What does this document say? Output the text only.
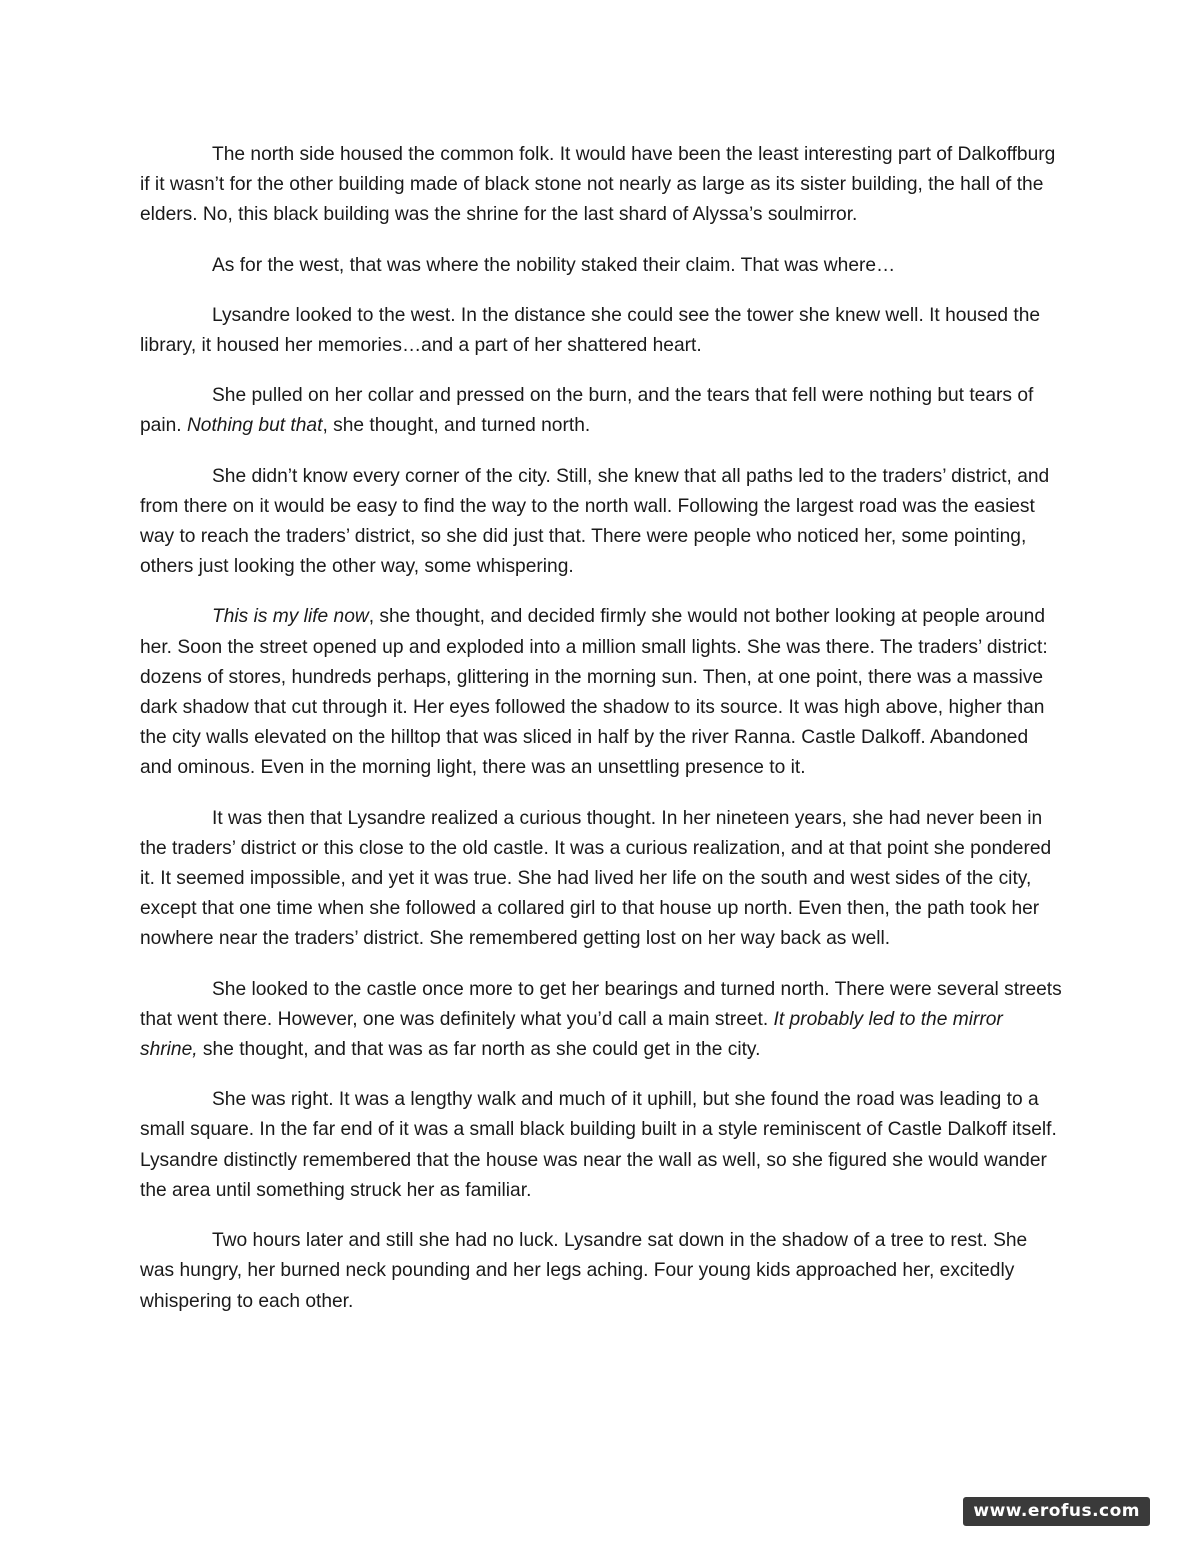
The north side housed the common folk. It would have been the least interesting part of Dalkoffburg if it wasn’t for the other building made of black stone not nearly as large as its sister building, the hall of the elders. No, this black building was the shrine for the last shard of Alyssa’s soulmirror.

As for the west, that was where the nobility staked their claim. That was where…

Lysandre looked to the west. In the distance she could see the tower she knew well. It housed the library, it housed her memories…and a part of her shattered heart.

She pulled on her collar and pressed on the burn, and the tears that fell were nothing but tears of pain. Nothing but that, she thought, and turned north.

She didn’t know every corner of the city. Still, she knew that all paths led to the traders’ district, and from there on it would be easy to find the way to the north wall. Following the largest road was the easiest way to reach the traders’ district, so she did just that. There were people who noticed her, some pointing, others just looking the other way, some whispering.

This is my life now, she thought, and decided firmly she would not bother looking at people around her. Soon the street opened up and exploded into a million small lights. She was there. The traders’ district: dozens of stores, hundreds perhaps, glittering in the morning sun. Then, at one point, there was a massive dark shadow that cut through it. Her eyes followed the shadow to its source. It was high above, higher than the city walls elevated on the hilltop that was sliced in half by the river Ranna. Castle Dalkoff. Abandoned and ominous. Even in the morning light, there was an unsettling presence to it.

It was then that Lysandre realized a curious thought. In her nineteen years, she had never been in the traders’ district or this close to the old castle. It was a curious realization, and at that point she pondered it. It seemed impossible, and yet it was true. She had lived her life on the south and west sides of the city, except that one time when she followed a collared girl to that house up north. Even then, the path took her nowhere near the traders’ district. She remembered getting lost on her way back as well.

She looked to the castle once more to get her bearings and turned north. There were several streets that went there. However, one was definitely what you’d call a main street. It probably led to the mirror shrine, she thought, and that was as far north as she could get in the city.

She was right. It was a lengthy walk and much of it uphill, but she found the road was leading to a small square. In the far end of it was a small black building built in a style reminiscent of Castle Dalkoff itself. Lysandre distinctly remembered that the house was near the wall as well, so she figured she would wander the area until something struck her as familiar.

Two hours later and still she had no luck. Lysandre sat down in the shadow of a tree to rest. She was hungry, her burned neck pounding and her legs aching. Four young kids approached her, excitedly whispering to each other.

www.erofus.com
